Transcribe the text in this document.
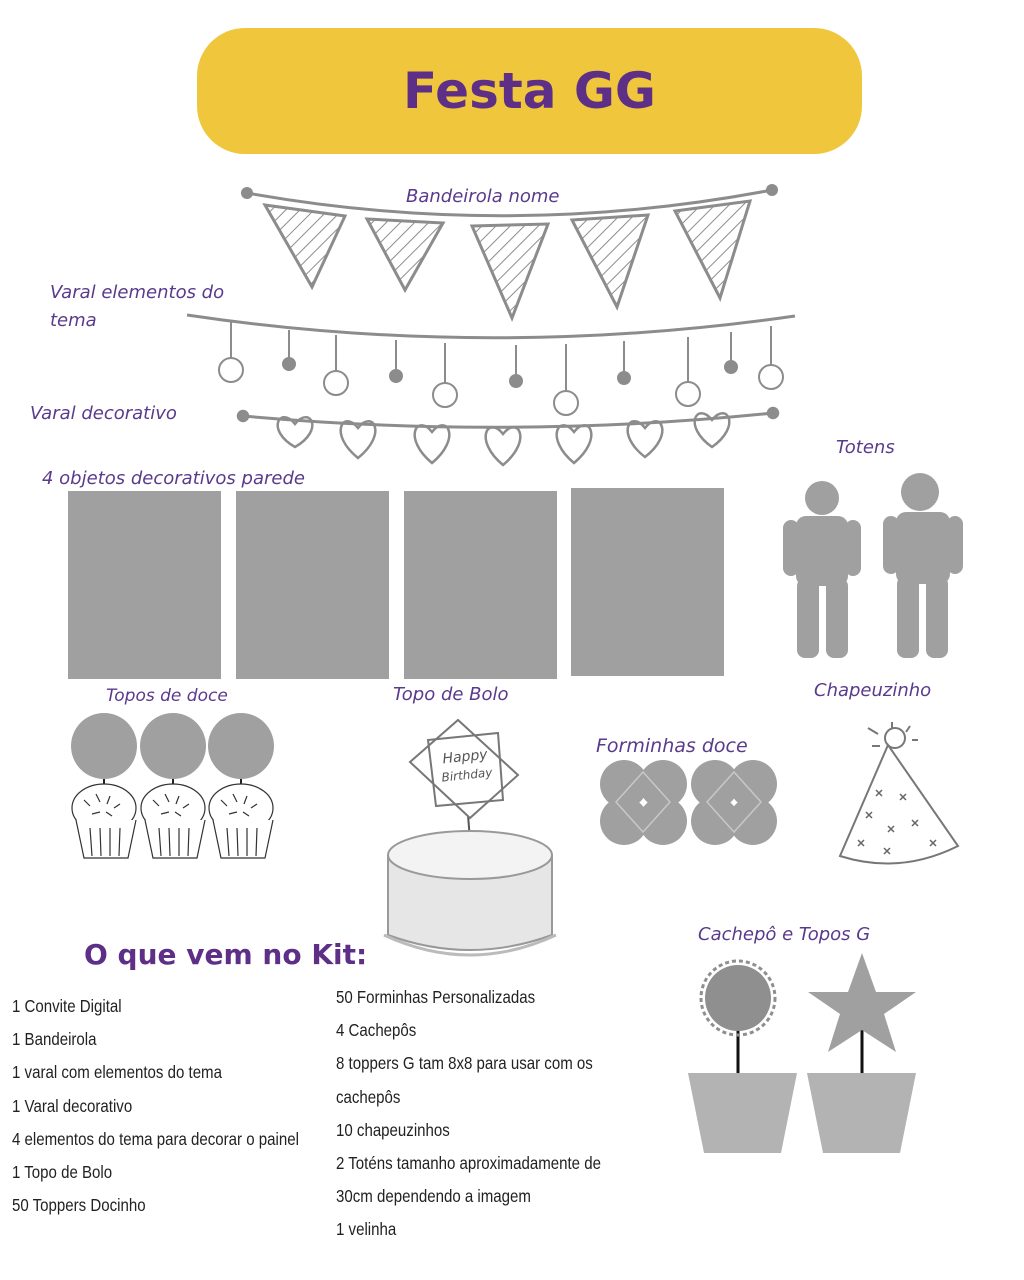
Festa GG
Bandeirola nome
Varal elementos do
tema
Varal decorativo
4 objetos decorativos parede
Totens
Topos de doce	Topo de Bolo	Chapeuzinho
Forminhas doce
Cachepô e Topos G
Happy
Birthday
O que vem no Kit:
1 Convite Digital
1 Bandeirola
1 varal com elementos do tema
1 Varal decorativo
4 elementos do tema para decorar o painel
1 Topo de Bolo
50 Toppers Docinho
50 Forminhas Personalizadas
4 Cachepôs
8 toppers G tam 8x8 para usar com os
cachepôs
10 chapeuzinhos
2 Toténs tamanho aproximadamente de
30cm dependendo a imagem
1 velinha
